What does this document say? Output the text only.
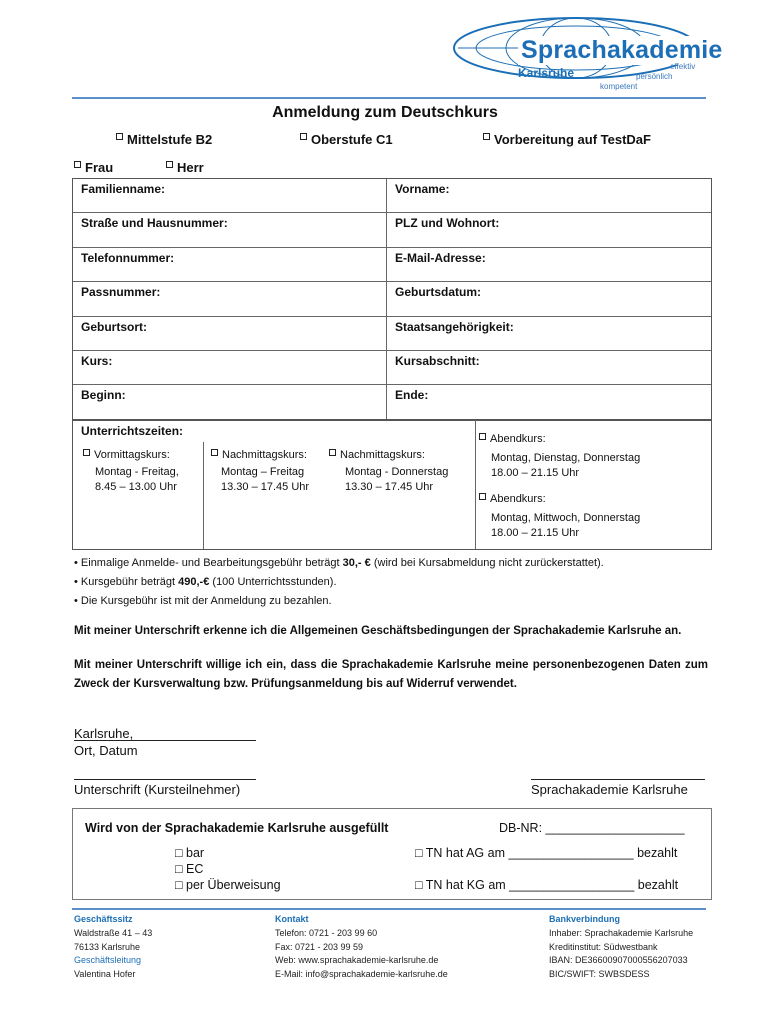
Sprachakademie
Karlsruhe	effektiv
persönlich
kompetent
Anmeldung zum Deutschkurs
Mittelstufe B2	Oberstufe C1	Vorbereitung auf TestDaF
Frau	Herr
Familienname:	Vorname:
Straße und Hausnummer:	PLZ und Wohnort:
Telefonnummer:	E-Mail-Adresse:
Passnummer:	Geburtsdatum:
Geburtsort:	Staatsangehörigkeit:
Kurs:	Kursabschnitt:
Beginn:	Ende:
Unterrichtszeiten:
Vormittagskurs:
Montag - Freitag,
8.45 – 13.00 Uhr
Nachmittagskurs:
Montag – Freitag
13.30 – 17.45 Uhr
Nachmittagskurs:
Montag - Donnerstag
13.30 – 17.45 Uhr
Abendkurs:
Montag, Dienstag, Donnerstag
18.00 – 21.15 Uhr
Abendkurs:
Montag, Mittwoch, Donnerstag
18.00 – 21.15 Uhr
• Einmalige Anmelde- und Bearbeitungsgebühr beträgt 30,- € (wird bei Kursabmeldung nicht zurückerstattet).
• Kursgebühr beträgt 490,-€ (100 Unterrichtsstunden).
• Die Kursgebühr ist mit der Anmeldung zu bezahlen.
Mit meiner Unterschrift erkenne ich die Allgemeinen Geschäftsbedingungen der Sprachakademie Karlsruhe an.
Mit meiner Unterschrift willige ich ein, dass die Sprachakademie Karlsruhe meine personenbezogenen Daten zum Zweck der Kursverwaltung bzw. Prüfungsanmeldung bis auf Widerruf verwendet.
Karlsruhe,
Ort, Datum
Unterschrift (Kursteilnehmer)	Sprachakademie Karlsruhe
Wird von der Sprachakademie Karlsruhe ausgefüllt	DB-NR: ____________________
□ bar
□ EC
□ per Überweisung
□ TN hat AG am __________________ bezahlt
□ TN hat KG am __________________ bezahlt
Geschäftssitz
Waldstraße 41 – 43
76133 Karlsruhe
Geschäftsleitung
Valentina Hofer
Kontakt
Telefon: 0721 - 203 99 60
Fax: 0721 - 203 99 59
Web: www.sprachakademie-karlsruhe.de
E-Mail: info@sprachakademie-karlsruhe.de
Bankverbindung
Inhaber: Sprachakademie Karlsruhe
Kreditinstitut: Südwestbank
IBAN: DE36600907000556207033
BIC/SWIFT: SWBSDESS
